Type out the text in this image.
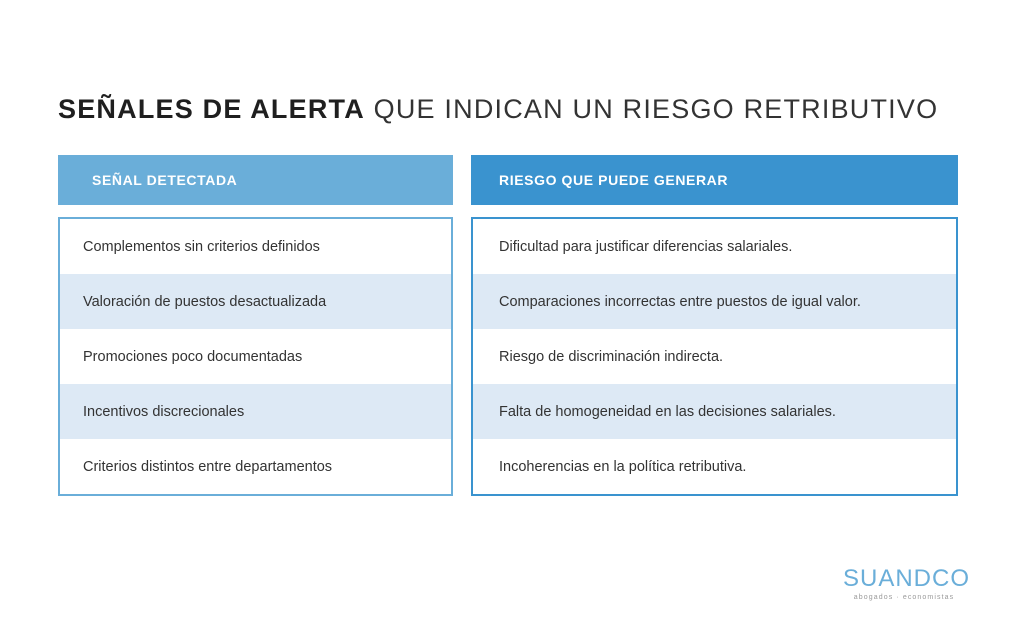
SEÑALES DE ALERTA QUE INDICAN UN RIESGO RETRIBUTIVO
SEÑAL DETECTADA
Complementos sin criterios definidos
Valoración de puestos desactualizada
Promociones poco documentadas
Incentivos discrecionales
Criterios distintos entre departamentos
RIESGO QUE PUEDE GENERAR
Dificultad para justificar diferencias salariales.
Comparaciones incorrectas entre puestos de igual valor.
Riesgo de discriminación indirecta.
Falta de homogeneidad en las decisiones salariales.
Incoherencias en la política retributiva.
SUANDCO
abogados · economistas
